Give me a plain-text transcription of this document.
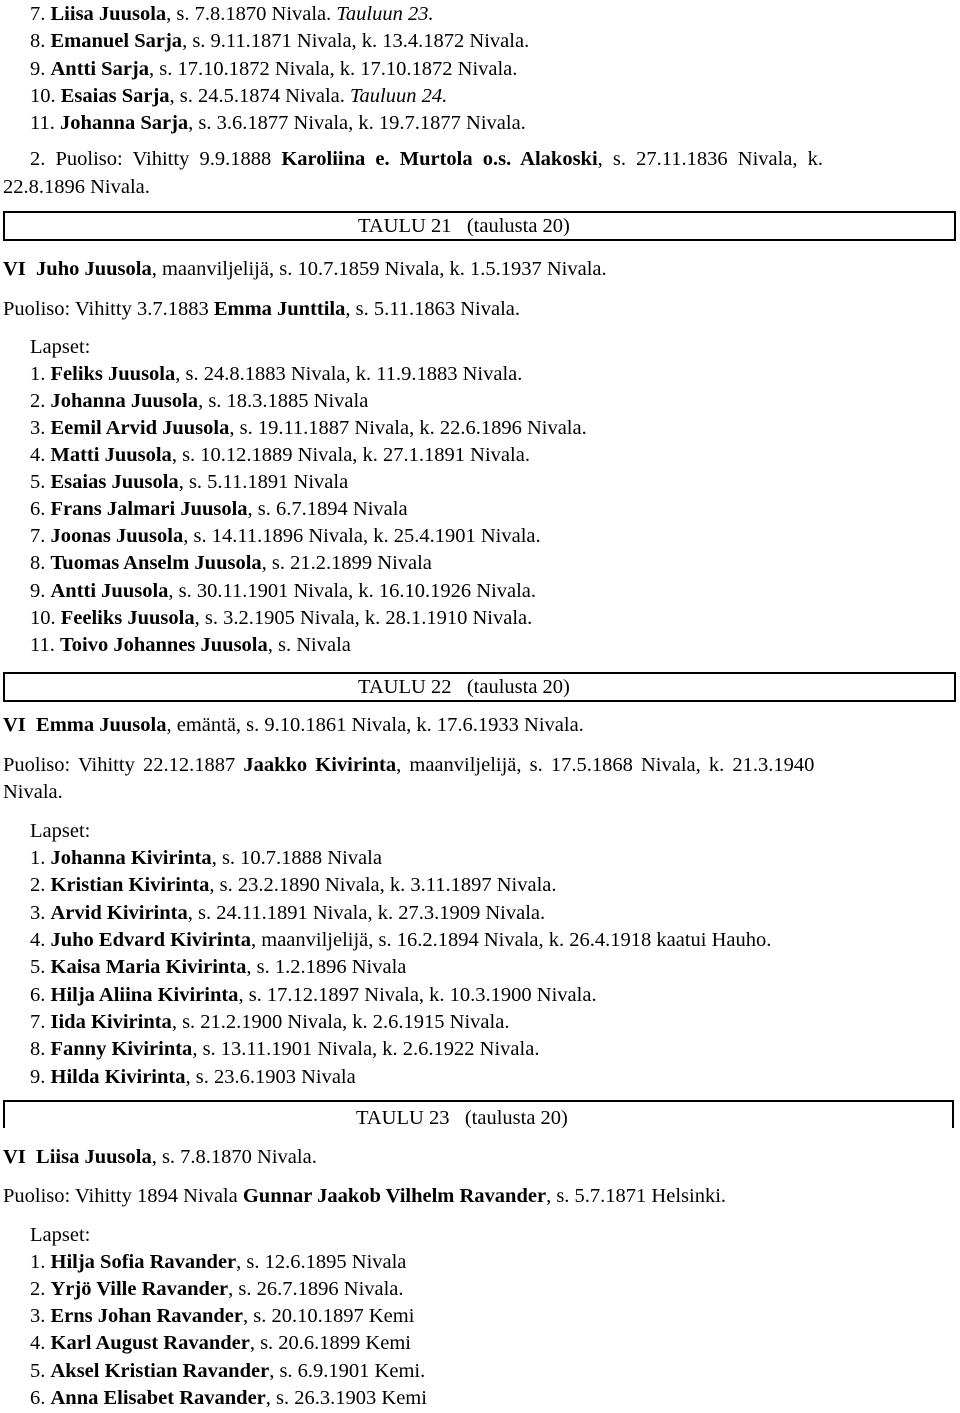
7. Liisa Juusola, s. 7.8.1870 Nivala. Tauluun 23.
8. Emanuel Sarja, s. 9.11.1871 Nivala, k. 13.4.1872 Nivala.
9. Antti Sarja, s. 17.10.1872 Nivala, k. 17.10.1872 Nivala.
10. Esaias Sarja, s. 24.5.1874 Nivala. Tauluun 24.
11. Johanna Sarja, s. 3.6.1877 Nivala, k. 19.7.1877 Nivala.
2. Puoliso: Vihitty 9.9.1888 Karoliina e. Murtola o.s. Alakoski, s. 27.11.1836 Nivala, k.
22.8.1896 Nivala.
TAULU 21 (taulusta 20)
VI Juho Juusola, maanviljelijä, s. 10.7.1859 Nivala, k. 1.5.1937 Nivala.
Puoliso: Vihitty 3.7.1883 Emma Junttila, s. 5.11.1863 Nivala.
Lapset:
1. Feliks Juusola, s. 24.8.1883 Nivala, k. 11.9.1883 Nivala.
2. Johanna Juusola, s. 18.3.1885 Nivala
3. Eemil Arvid Juusola, s. 19.11.1887 Nivala, k. 22.6.1896 Nivala.
4. Matti Juusola, s. 10.12.1889 Nivala, k. 27.1.1891 Nivala.
5. Esaias Juusola, s. 5.11.1891 Nivala
6. Frans Jalmari Juusola, s. 6.7.1894 Nivala
7. Joonas Juusola, s. 14.11.1896 Nivala, k. 25.4.1901 Nivala.
8. Tuomas Anselm Juusola, s. 21.2.1899 Nivala
9. Antti Juusola, s. 30.11.1901 Nivala, k. 16.10.1926 Nivala.
10. Feeliks Juusola, s. 3.2.1905 Nivala, k. 28.1.1910 Nivala.
11. Toivo Johannes Juusola, s. Nivala
TAULU 22 (taulusta 20)
VI Emma Juusola, emäntä, s. 9.10.1861 Nivala, k. 17.6.1933 Nivala.
Puoliso: Vihitty 22.12.1887 Jaakko Kivirinta, maanviljelijä, s. 17.5.1868 Nivala, k. 21.3.1940
Nivala.
Lapset:
1. Johanna Kivirinta, s. 10.7.1888 Nivala
2. Kristian Kivirinta, s. 23.2.1890 Nivala, k. 3.11.1897 Nivala.
3. Arvid Kivirinta, s. 24.11.1891 Nivala, k. 27.3.1909 Nivala.
4. Juho Edvard Kivirinta, maanviljelijä, s. 16.2.1894 Nivala, k. 26.4.1918 kaatui Hauho.
5. Kaisa Maria Kivirinta, s. 1.2.1896 Nivala
6. Hilja Aliina Kivirinta, s. 17.12.1897 Nivala, k. 10.3.1900 Nivala.
7. Iida Kivirinta, s. 21.2.1900 Nivala, k. 2.6.1915 Nivala.
8. Fanny Kivirinta, s. 13.11.1901 Nivala, k. 2.6.1922 Nivala.
9. Hilda Kivirinta, s. 23.6.1903 Nivala
TAULU 23 (taulusta 20)
VI Liisa Juusola, s. 7.8.1870 Nivala.
Puoliso: Vihitty 1894 Nivala Gunnar Jaakob Vilhelm Ravander, s. 5.7.1871 Helsinki.
Lapset:
1. Hilja Sofia Ravander, s. 12.6.1895 Nivala
2. Yrjö Ville Ravander, s. 26.7.1896 Nivala.
3. Erns Johan Ravander, s. 20.10.1897 Kemi
4. Karl August Ravander, s. 20.6.1899 Kemi
5. Aksel Kristian Ravander, s. 6.9.1901 Kemi.
6. Anna Elisabet Ravander, s. 26.3.1903 Kemi
